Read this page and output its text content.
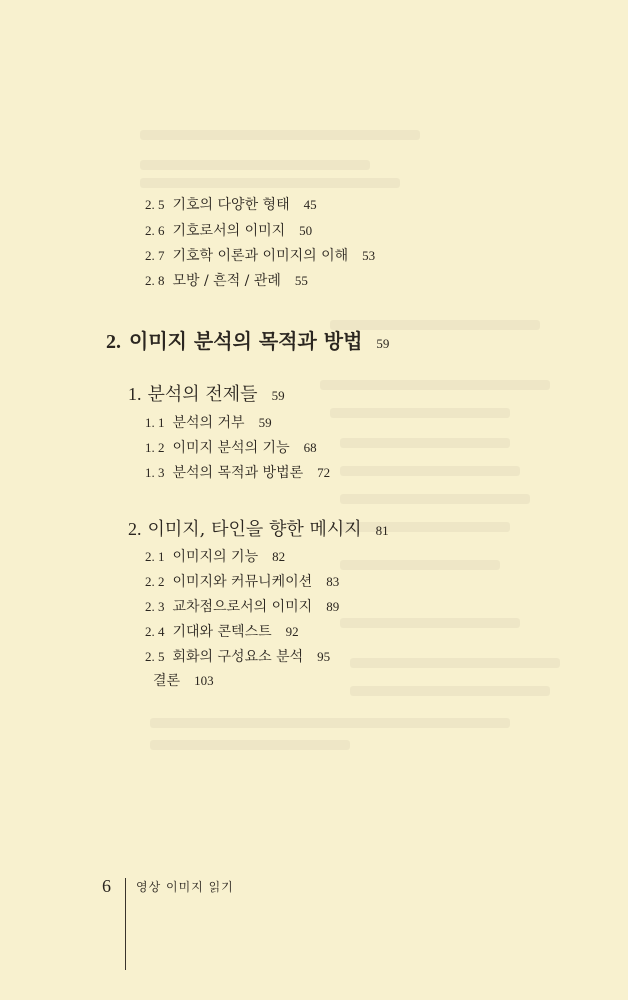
2. 5 기호의 다양한 형태 45
2. 6 기호로서의 이미지 50
2. 7 기호학 이론과 이미지의 이해 53
2. 8 모방 / 흔적 / 관례 55
2. 이미지 분석의 목적과 방법 59
1. 분석의 전제들 59
1. 1 분석의 거부 59
1. 2 이미지 분석의 기능 68
1. 3 분석의 목적과 방법론 72
2. 이미지, 타인을 향한 메시지 81
2. 1 이미지의 기능 82
2. 2 이미지와 커뮤니케이션 83
2. 3 교차점으로서의 이미지 89
2. 4 기대와 콘텍스트 92
2. 5 회화의 구성요소 분석 95
결론 103
6 영상 이미지 읽기
